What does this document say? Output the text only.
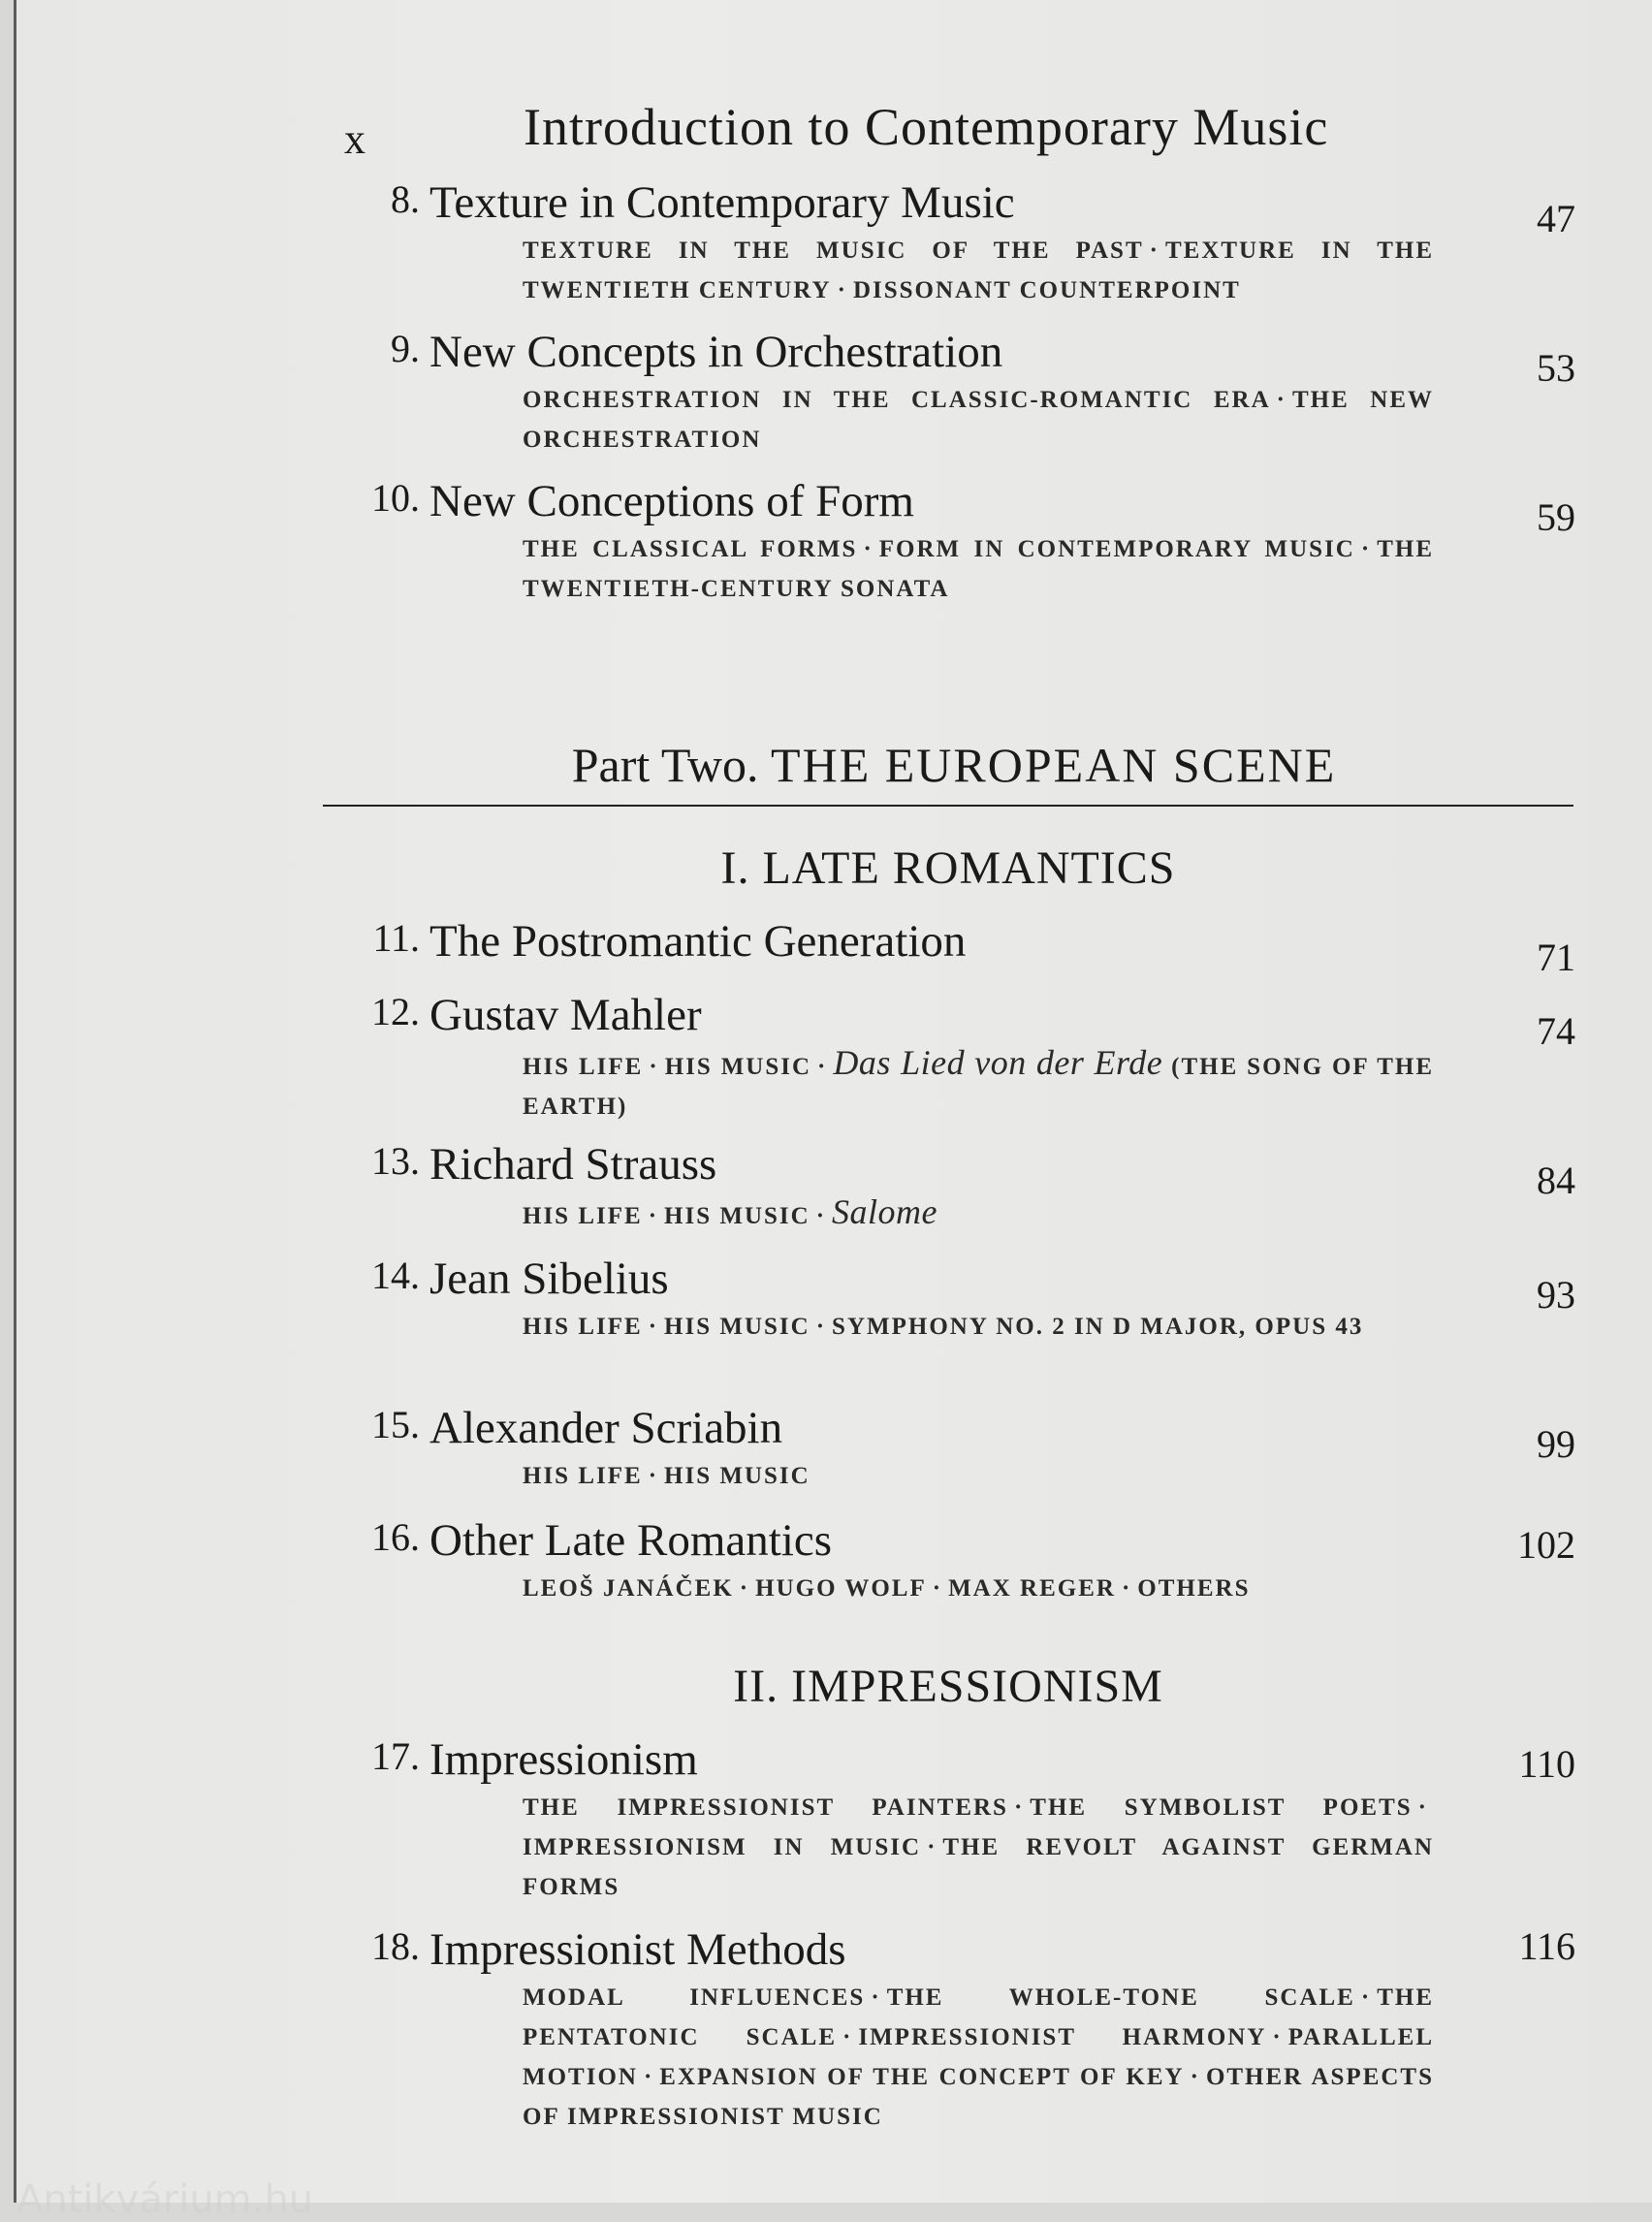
x	Introduction to Contemporary Music
8. Texture in Contemporary Music	47
TEXTURE IN THE MUSIC OF THE PAST · TEXTURE IN THE TWENTIETH CENTURY · DISSONANT COUNTERPOINT
9. New Concepts in Orchestration	53
ORCHESTRATION IN THE CLASSIC-ROMANTIC ERA · THE NEW ORCHESTRATION
10. New Conceptions of Form	59
THE CLASSICAL FORMS · FORM IN CONTEMPORARY MUSIC · THE TWENTIETH-CENTURY SONATA
Part Two. THE EUROPEAN SCENE
I. LATE ROMANTICS
11. The Postromantic Generation	71
12. Gustav Mahler	74
HIS LIFE · HIS MUSIC · Das Lied von der Erde (THE SONG OF THE EARTH)
13. Richard Strauss	84
HIS LIFE · HIS MUSIC · Salome
14. Jean Sibelius	93
HIS LIFE · HIS MUSIC · SYMPHONY NO. 2 IN D MAJOR, OPUS 43
15. Alexander Scriabin	99
HIS LIFE · HIS MUSIC
16. Other Late Romantics	102
LEOŠ JANÁČEK · HUGO WOLF · MAX REGER · OTHERS
II. IMPRESSIONISM
17. Impressionism	110
THE IMPRESSIONIST PAINTERS · THE SYMBOLIST POETS ·IMPRESSIONISM IN MUSIC · THE REVOLT AGAINST GERMAN FORMS
18. Impressionist Methods	116
MODAL INFLUENCES · THE WHOLE-TONE SCALE · THE PENTATONIC SCALE · IMPRESSIONIST HARMONY · PARALLEL MOTION · EXPANSION OF THE CONCEPT OF KEY · OTHER ASPECTS OF IMPRESSIONIST MUSIC
Antikvárium.hu
